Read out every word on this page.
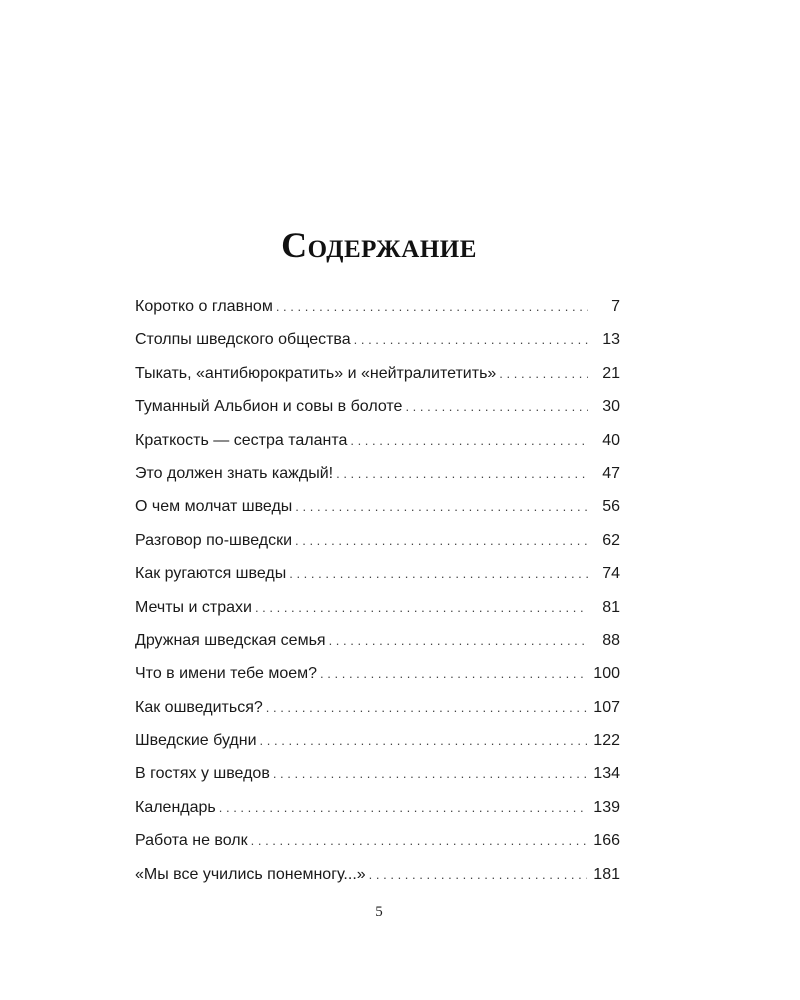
Содержание
Коротко о главном . . .	7
Столпы шведского общества . . .	13
Тыкать, «антибюрократить» и «нейтралитетить» . . .	21
Туманный Альбион и совы в болоте . . .	30
Краткость — сестра таланта . . .	40
Это должен знать каждый! . . .	47
О чем молчат шведы . . .	56
Разговор по-шведски . . .	62
Как ругаются шведы . . .	74
Мечты и страхи . . .	81
Дружная шведская семья . . .	88
Что в имени тебе моем? . . .	100
Как ошведиться? . . .	107
Шведские будни . . .	122
В гостях у шведов . . .	134
Календарь . . .	139
Работа не волк . . .	166
«Мы все учились понемногу...» . . .	181
5
